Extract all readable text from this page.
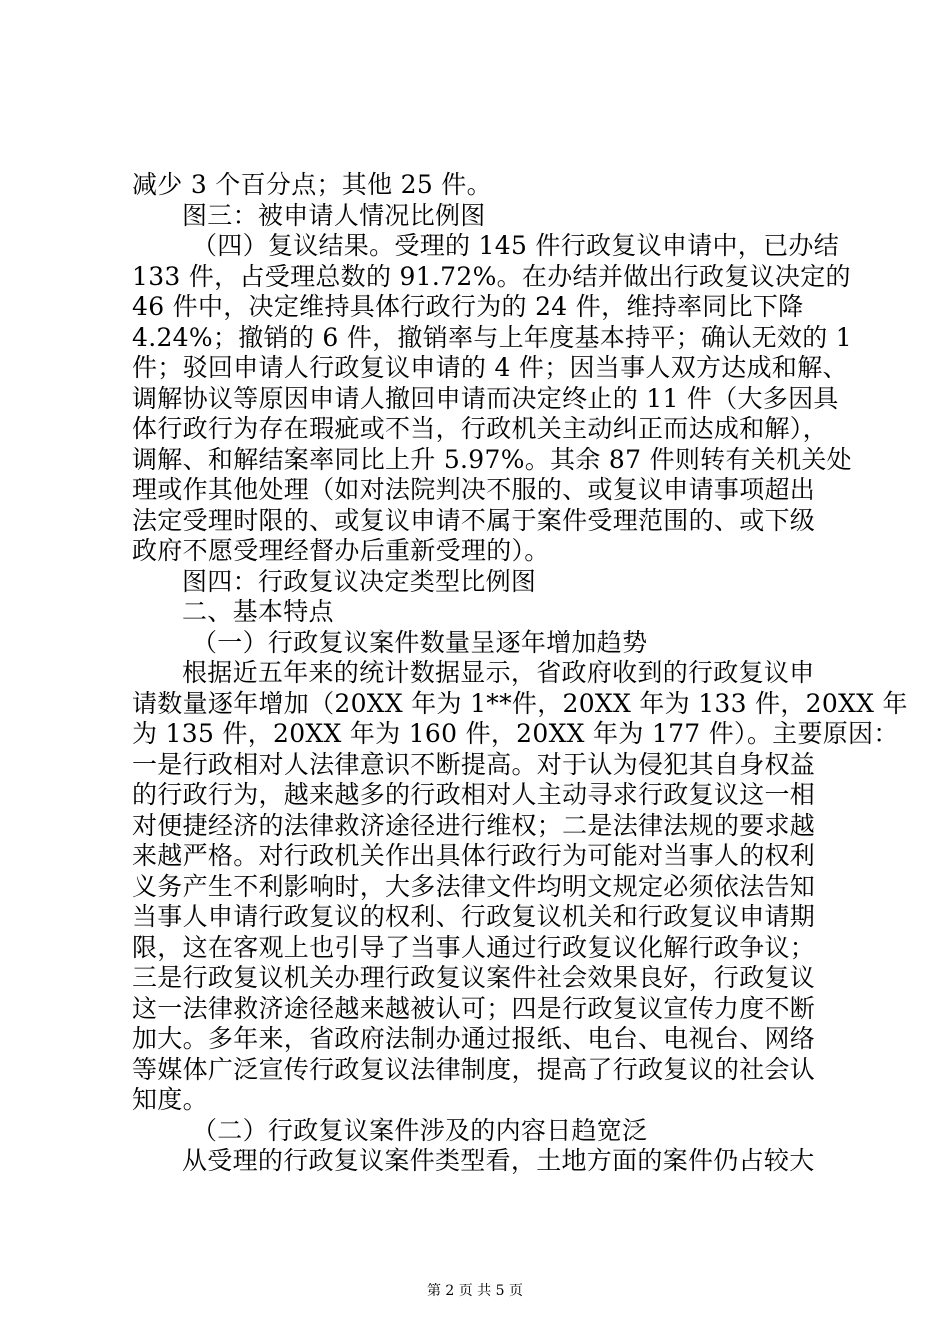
减少 3 个百分点；其他 25 件。
图三：被申请人情况比例图
（四）复议结果。受理的 145 件行政复议申请中，已办结
133 件，占受理总数的 91.72%。在办结并做出行政复议决定的
46 件中，决定维持具体行政行为的 24 件，维持率同比下降
4.24%；撤销的 6 件，撤销率与上年度基本持平；确认无效的 1
件；驳回申请人行政复议申请的 4 件；因当事人双方达成和解、
调解协议等原因申请人撤回申请而决定终止的 11 件（大多因具
体行政行为存在瑕疵或不当，行政机关主动纠正而达成和解），
调解、和解结案率同比上升 5.97%。其余 87 件则转有关机关处
理或作其他处理（如对法院判决不服的、或复议申请事项超出
法定受理时限的、或复议申请不属于案件受理范围的、或下级
政府不愿受理经督办后重新受理的）。
图四：行政复议决定类型比例图
二、基本特点
（一）行政复议案件数量呈逐年增加趋势
根据近五年来的统计数据显示，省政府收到的行政复议申
请数量逐年增加（20XX 年为 1**件，20XX 年为 133 件，20XX 年
为 135 件，20XX 年为 160 件，20XX 年为 177 件）。主要原因：
一是行政相对人法律意识不断提高。对于认为侵犯其自身权益
的行政行为，越来越多的行政相对人主动寻求行政复议这一相
对便捷经济的法律救济途径进行维权；二是法律法规的要求越
来越严格。对行政机关作出具体行政行为可能对当事人的权利
义务产生不利影响时，大多法律文件均明文规定必须依法告知
当事人申请行政复议的权利、行政复议机关和行政复议申请期
限，这在客观上也引导了当事人通过行政复议化解行政争议；
三是行政复议机关办理行政复议案件社会效果良好，行政复议
这一法律救济途径越来越被认可；四是行政复议宣传力度不断
加大。多年来，省政府法制办通过报纸、电台、电视台、网络
等媒体广泛宣传行政复议法律制度，提高了行政复议的社会认
知度。
（二）行政复议案件涉及的内容日趋宽泛
从受理的行政复议案件类型看，土地方面的案件仍占较大
第 2 页 共 5 页
